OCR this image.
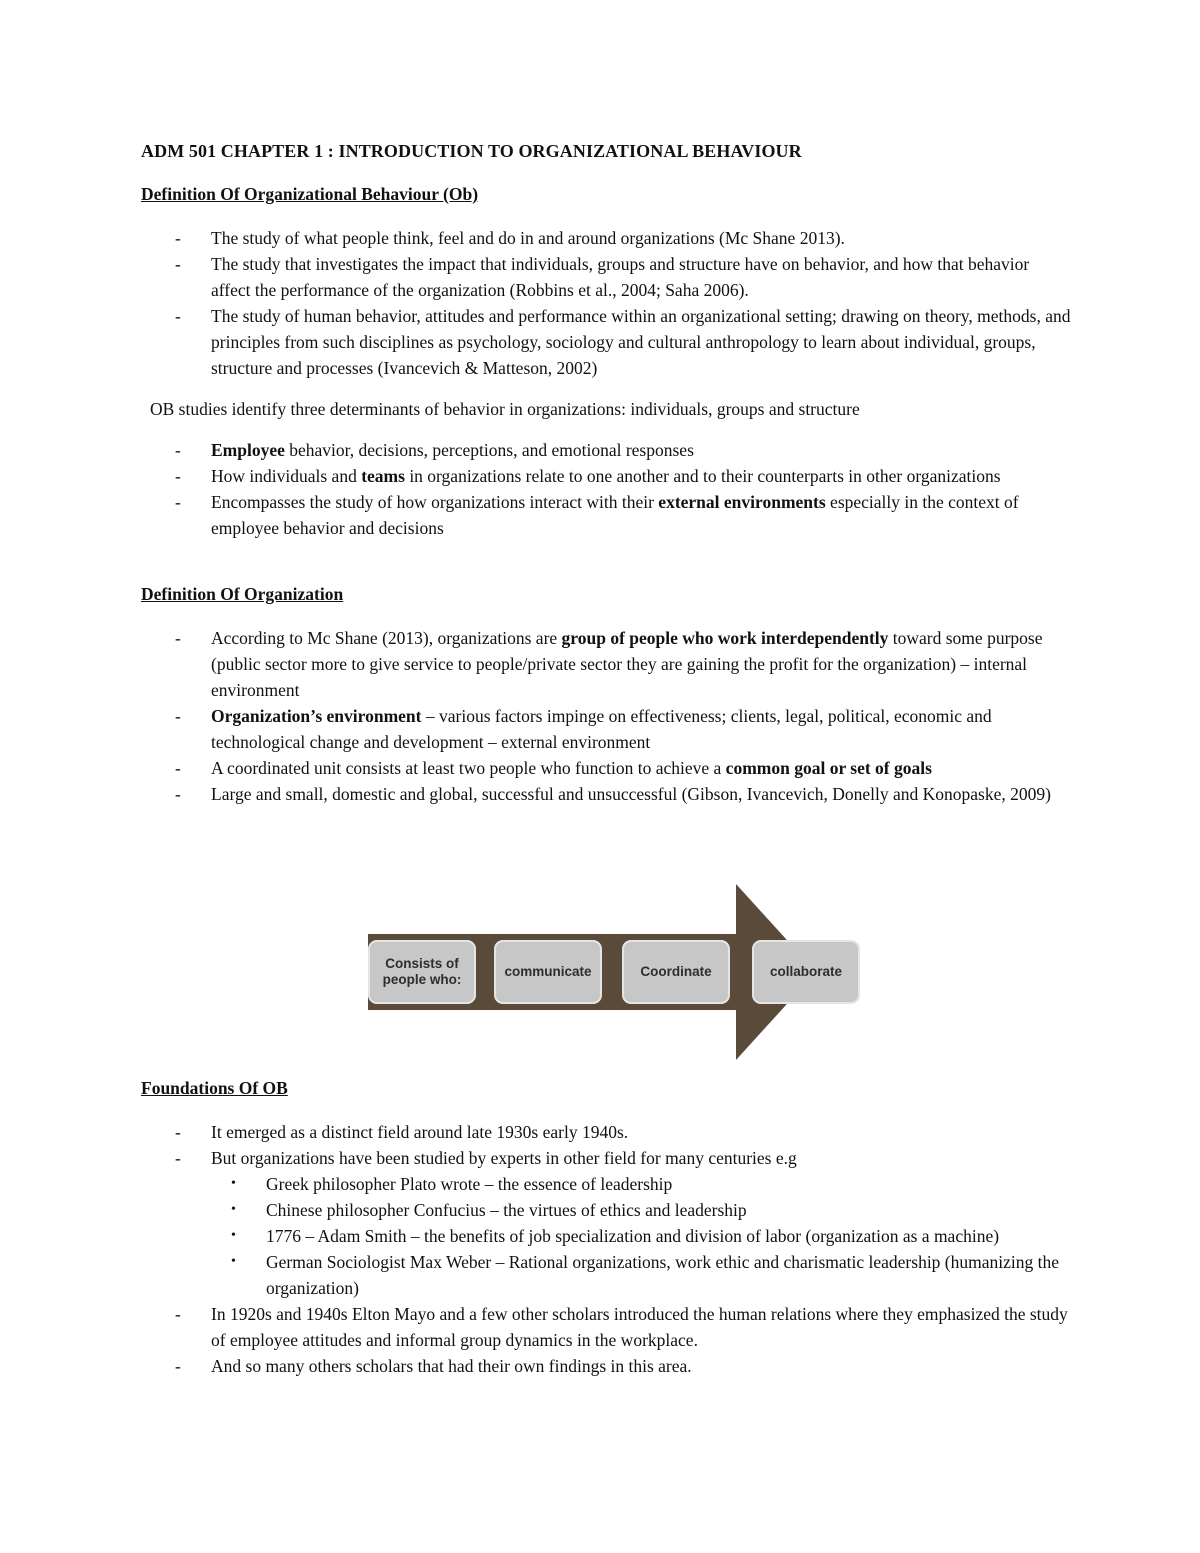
ADM 501 CHAPTER 1 : INTRODUCTION TO ORGANIZATIONAL BEHAVIOUR
Definition Of Organizational Behaviour (Ob)
- The study of what people think, feel and do in and around organizations (Mc Shane 2013).
- The study that investigates the impact that individuals, groups and structure have on behavior, and how that behavior affect the performance of the organization (Robbins et al., 2004; Saha 2006).
- The study of human behavior, attitudes and performance within an organizational setting; drawing on theory, methods, and principles from such disciplines as psychology, sociology and cultural anthropology to learn about individual, groups, structure and processes (Ivancevich & Matteson, 2002)

OB studies identify three determinants of behavior in organizations: individuals, groups and structure

- Employee behavior, decisions, perceptions, and emotional responses
- How individuals and teams in organizations relate to one another and to their counterparts in other organizations
- Encompasses the study of how organizations interact with their external environments especially in the context of employee behavior and decisions
Definition Of Organization
- According to Mc Shane (2013), organizations are group of people who work interdependently toward some purpose (public sector more to give service to people/private sector they are gaining the profit for the organization) – internal environment
- Organization’s environment – various factors impinge on effectiveness; clients, legal, political, economic and technological change and development – external environment
- A coordinated unit consists at least two people who function to achieve a common goal or set of goals
- Large and small, domestic and global, successful and unsuccessful (Gibson, Ivancevich, Donelly and Konopaske, 2009)
Consists of people who:
communicate	Coordinate	collaborate
Foundations Of OB
- It emerged as a distinct field around late 1930s early 1940s.
- But organizations have been studied by experts in other field for many centuries e.g
• Greek philosopher Plato wrote – the essence of leadership
• Chinese philosopher Confucius – the virtues of ethics and leadership
• 1776 – Adam Smith – the benefits of job specialization and division of labor (organization as a machine)
• German Sociologist Max Weber – Rational organizations, work ethic and charismatic leadership (humanizing the organization)
- In 1920s and 1940s Elton Mayo and a few other scholars introduced the human relations where they emphasized the study of employee attitudes and informal group dynamics in the workplace.
- And so many others scholars that had their own findings in this area.
